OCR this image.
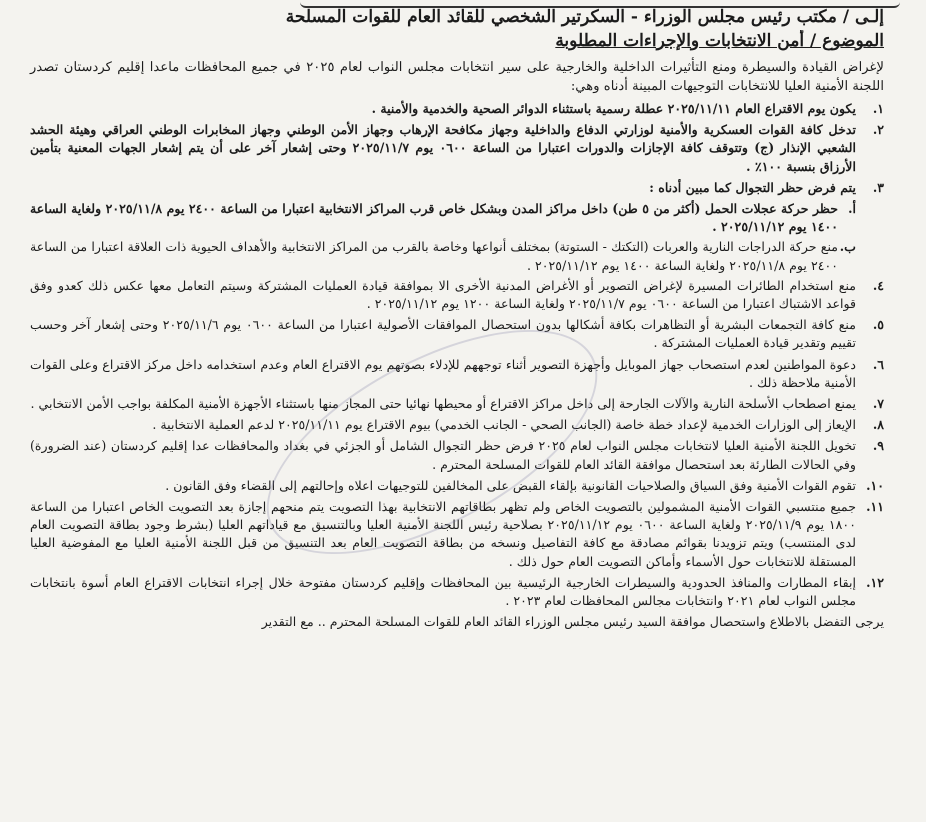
إلـى / مكتب رئيس مجلس الوزراء - السكرتير الشخصي للقائد العام للقوات المسلحة
الموضوع / أمن الانتخابات والإجراءات المطلوبة
لإغراض القيادة والسيطرة ومنع التأثيرات الداخلية والخارجية على سير انتخابات مجلس النواب لعام ٢٠٢٥ في جميع المحافظات ماعدا إقليم كردستان تصدر اللجنة الأمنية العليا للانتخابات التوجيهات المبينة أدناه وهي:
١.
يكون يوم الاقتراع العام ٢٠٢٥/١١/١١ عطلة رسمية باستثناء الدوائر الصحية والخدمية والأمنية .
٢.
تدخل كافة القوات العسكرية والأمنية لوزارتي الدفاع والداخلية وجهاز مكافحة الإرهاب وجهاز الأمن الوطني وجهاز المخابرات الوطني العراقي وهيئة الحشد الشعبي الإنذار (ج) وتتوقف كافة الإجازات والدورات اعتبارا من الساعة ٠٦٠٠ يوم ٢٠٢٥/١١/٧ وحتى إشعار آخر على أن يتم إشعار الجهات المعنية بتأمين الأرزاق بنسبة ١٠٠٪ .
٣.
يتم فرض حظر التجوال كما مبين أدناه :
أ.
حظر حركة عجلات الحمل (أكثر من ٥ طن) داخل مراكز المدن وبشكل خاص قرب المراكز الانتخابية اعتبارا من الساعة ٢٤٠٠ يوم ٢٠٢٥/١١/٨ ولغاية الساعة ١٤٠٠ يوم ٢٠٢٥/١١/١٢ .
ب.
منع حركة الدراجات النارية والعربات (التكتك - الستوتة) بمختلف أنواعها وخاصة بالقرب من المراكز الانتخابية والأهداف الحيوية ذات العلاقة اعتبارا من الساعة ٢٤٠٠ يوم ٢٠٢٥/١١/٨ ولغاية الساعة ١٤٠٠ يوم ٢٠٢٥/١١/١٢ .
٤.
منع استخدام الطائرات المسيرة لإغراض التصوير أو الأغراض المدنية الأخرى الا بموافقة قيادة العمليات المشتركة وسيتم التعامل معها عكس ذلك كعدو وفق قواعد الاشتباك اعتبارا من الساعة ٠٦٠٠ يوم ٢٠٢٥/١١/٧ ولغاية الساعة ١٢٠٠ يوم ٢٠٢٥/١١/١٢ .
٥.
منع كافة التجمعات البشرية أو التظاهرات بكافة أشكالها بدون استحصال الموافقات الأصولية اعتبارا من الساعة ٠٦٠٠ يوم ٢٠٢٥/١١/٦ وحتى إشعار آخر وحسب تقييم وتقدير قيادة العمليات المشتركة .
٦.
دعوة المواطنين لعدم استصحاب جهاز الموبايل وأجهزة التصوير أثناء توجههم للإدلاء بصوتهم يوم الاقتراع العام وعدم استخدامه داخل مركز الاقتراع وعلى القوات الأمنية ملاحظة ذلك .
٧.
يمنع اصطحاب الأسلحة النارية والآلات الجارحة إلى داخل مراكز الاقتراع أو محيطها نهائيا حتى المجاز منها باستثناء الأجهزة الأمنية المكلفة بواجب الأمن الانتخابي .
٨.
الإيعاز إلى الوزارات الخدمية لإعداد خطة خاصة (الجانب الصحي - الجانب الخدمي) بيوم الاقتراع يوم ٢٠٢٥/١١/١١ لدعم العملية الانتخابية .
٩.
تخويل اللجنة الأمنية العليا لانتخابات مجلس النواب لعام ٢٠٢٥ فرض حظر التجوال الشامل أو الجزئي في بغداد والمحافظات عدا إقليم كردستان (عند الضرورة) وفي الحالات الطارئة بعد استحصال موافقة القائد العام للقوات المسلحة المحترم .
١٠.
تقوم القوات الأمنية وفق السياق والصلاحيات القانونية بإلقاء القبض على المخالفين للتوجيهات اعلاه وإحالتهم إلى القضاء وفق القانون .
١١.
جميع منتسبي القوات الأمنية المشمولين بالتصويت الخاص ولم تظهر بطاقاتهم الانتخابية بهذا التصويت يتم منحهم إجازة بعد التصويت الخاص اعتبارا من الساعة ١٨٠٠ يوم ٢٠٢٥/١١/٩ ولغاية الساعة ٠٦٠٠ يوم ٢٠٢٥/١١/١٢ بصلاحية رئيس اللجنة الأمنية العليا وبالتنسيق مع قياداتهم العليا (بشرط وجود بطاقة التصويت العام لدى المنتسب) ويتم تزويدنا بقوائم مصادقة مع كافة التفاصيل ونسخه من بطاقة التصويت العام بعد التنسيق من قبل اللجنة الأمنية العليا مع المفوضية العليا المستقلة للانتخابات حول الأسماء وأماكن التصويت العام حول ذلك .
١٢.
إبقاء المطارات والمنافذ الحدودية والسيطرات الخارجية الرئيسية بين المحافظات وإقليم كردستان مفتوحة خلال إجراء انتخابات الاقتراع العام أسوة بانتخابات مجلس النواب لعام ٢٠٢١ وانتخابات مجالس المحافظات لعام ٢٠٢٣ .
يرجى التفضل بالاطلاع واستحصال موافقة السيد رئيس مجلس الوزراء القائد العام للقوات المسلحة المحترم .. مع التقدير
